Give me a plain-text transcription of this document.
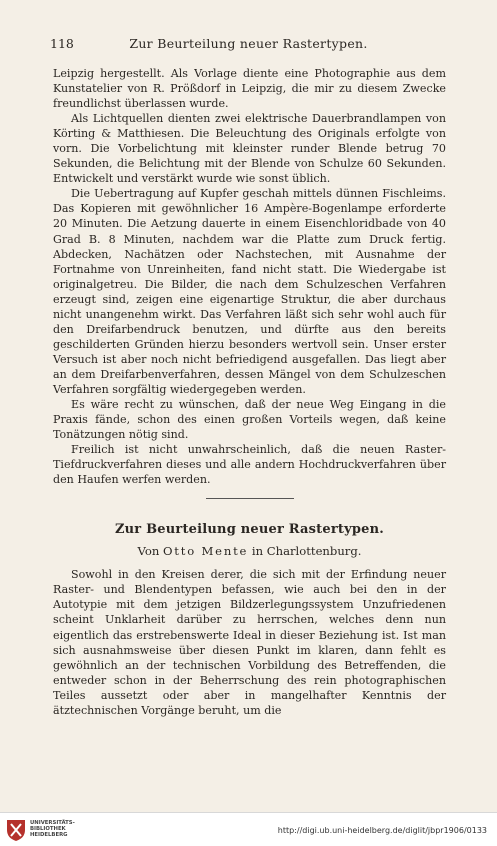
118	Zur Beurteilung neuer Rastertypen.

Leipzig hergestellt. Als Vorlage diente eine Photographie aus dem Kunstatelier von R. Prößdorf in Leipzig, die mir zu diesem Zwecke freundlichst überlassen wurde.

Als Lichtquellen dienten zwei elektrische Dauerbrandlampen von Körting & Matthiesen. Die Beleuchtung des Originals erfolgte von vorn. Die Vorbelichtung mit kleinster runder Blende betrug 70 Sekunden, die Belichtung mit der Blende von Schulze 60 Sekunden. Entwickelt und verstärkt wurde wie sonst üblich.

Die Uebertragung auf Kupfer geschah mittels dünnen Fischleims. Das Kopieren mit gewöhnlicher 16 Ampère-Bogenlampe erforderte 20 Minuten. Die Aetzung dauerte in einem Eisenchloridbade von 40 Grad B. 8 Minuten, nachdem war die Platte zum Druck fertig. Abdecken, Nachätzen oder Nachstechen, mit Ausnahme der Fortnahme von Unreinheiten, fand nicht statt. Die Wiedergabe ist originalgetreu. Die Bilder, die nach dem Schulzeschen Verfahren erzeugt sind, zeigen eine eigenartige Struktur, die aber durchaus nicht unangenehm wirkt. Das Verfahren läßt sich sehr wohl auch für den Dreifarbendruck benutzen, und dürfte aus den bereits geschilderten Gründen hierzu besonders wertvoll sein. Unser erster Versuch ist aber noch nicht befriedigend ausgefallen. Das liegt aber an dem Dreifarbenverfahren, dessen Mängel von dem Schulzeschen Verfahren sorgfältig wiedergegeben werden.

Es wäre recht zu wünschen, daß der neue Weg Eingang in die Praxis fände, schon des einen großen Vorteils wegen, daß keine Tonätzungen nötig sind.

Freilich ist nicht unwahrscheinlich, daß die neuen Raster-Tiefdruckverfahren dieses und alle andern Hochdruckverfahren über den Haufen werfen werden.

Zur Beurteilung neuer Rastertypen.
Von Otto Mente in Charlottenburg.

Sowohl in den Kreisen derer, die sich mit der Erfindung neuer Raster- und Blendentypen befassen, wie auch bei den in der Autotypie mit dem jetzigen Bildzerlegungssystem Unzufriedenen scheint Unklarheit darüber zu herrschen, welches denn nun eigentlich das erstrebenswerte Ideal in dieser Beziehung ist. Ist man sich ausnahmsweise über diesen Punkt im klaren, dann fehlt es gewöhnlich an der technischen Vorbildung des Betreffenden, die entweder schon in der Beherrschung des rein photographischen Teiles aussetzt oder aber in mangelhafter Kenntnis der ätztechnischen Vorgänge beruht, um die

UNIVERSITÄTS-
BIBLIOTHEK
HEIDELBERG
http://digi.ub.uni-heidelberg.de/diglit/jbpr1906/0133
